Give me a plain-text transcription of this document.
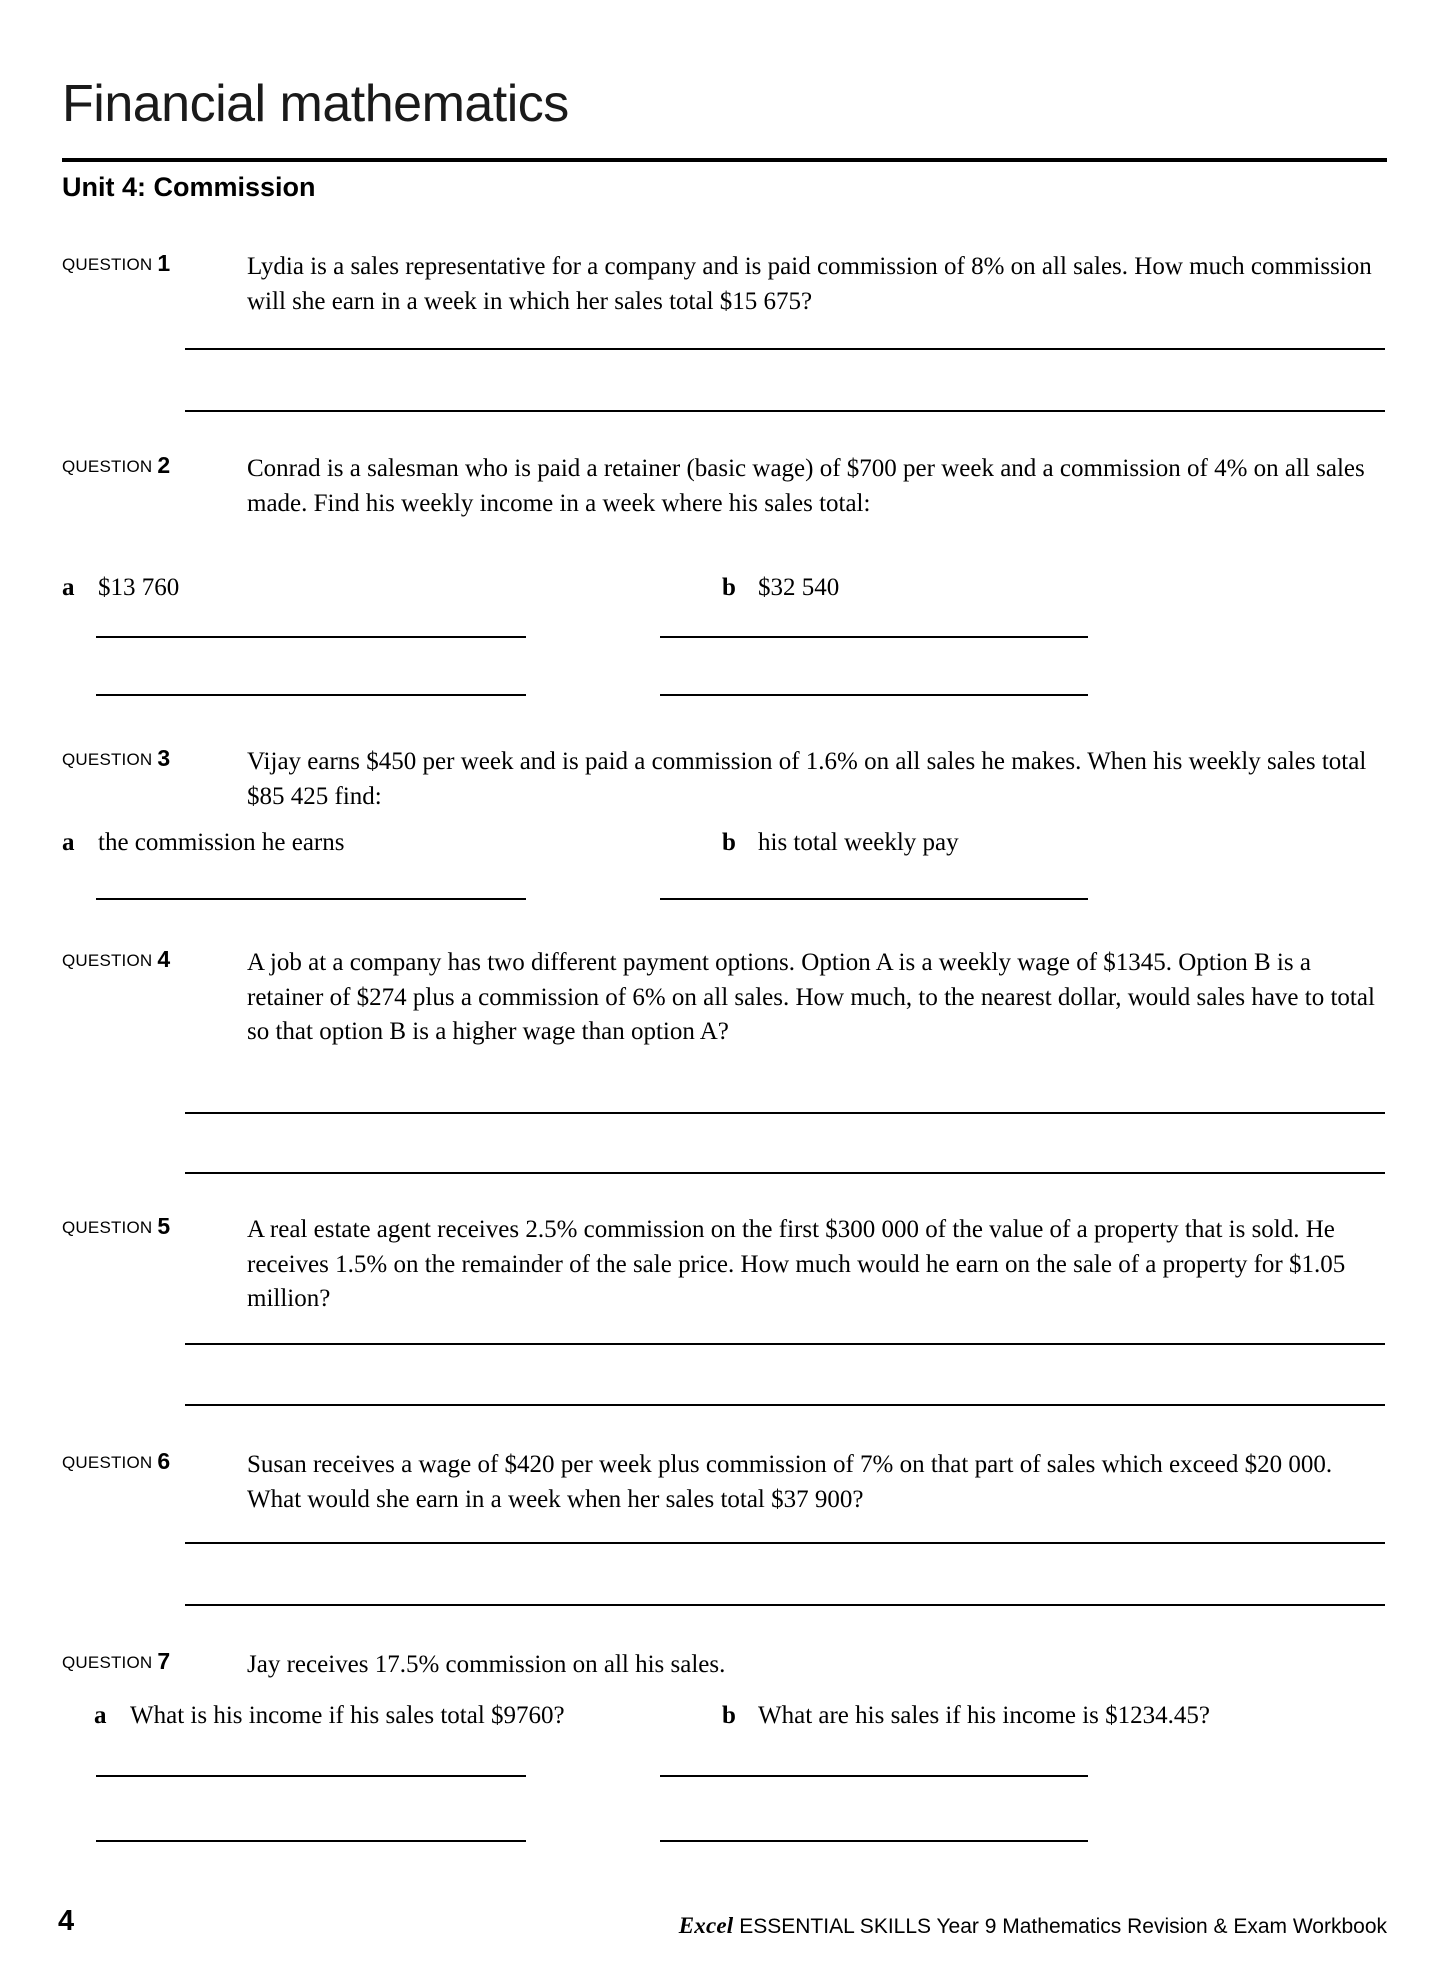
Financial mathematics
Unit 4: Commission
QUESTION 1	Lydia is a sales representative for a company and is paid commission of 8% on all sales. How much commission will she earn in a week in which her sales total $15 675?
QUESTION 2	Conrad is a salesman who is paid a retainer (basic wage) of $700 per week and a commission of 4% on all sales made. Find his weekly income in a week where his sales total:
a $13 760	b $32 540
QUESTION 3	Vijay earns $450 per week and is paid a commission of 1.6% on all sales he makes. When his weekly sales total $85 425 find:
a the commission he earns	b his total weekly pay
QUESTION 4	A job at a company has two different payment options. Option A is a weekly wage of $1345. Option B is a retainer of $274 plus a commission of 6% on all sales. How much, to the nearest dollar, would sales have to total so that option B is a higher wage than option A?
QUESTION 5	A real estate agent receives 2.5% commission on the first $300 000 of the value of a property that is sold. He receives 1.5% on the remainder of the sale price. How much would he earn on the sale of a property for $1.05 million?
QUESTION 6	Susan receives a wage of $420 per week plus commission of 7% on that part of sales which exceed $20 000. What would she earn in a week when her sales total $37 900?
QUESTION 7	Jay receives 17.5% commission on all his sales.
a What is his income if his sales total $9760?	b What are his sales if his income is $1234.45?
4	Excel ESSENTIAL SKILLS Year 9 Mathematics Revision & Exam Workbook
